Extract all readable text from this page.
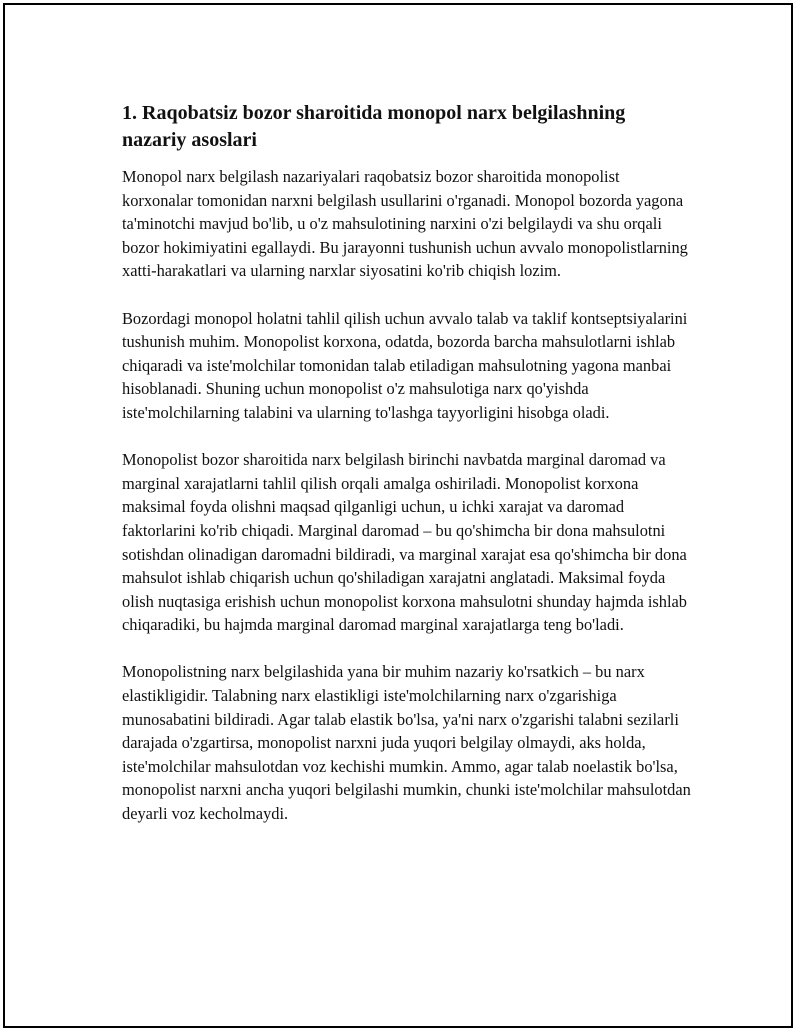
1. Raqobatsiz bozor sharoitida monopol narx belgilashning nazariy asoslari

Monopol narx belgilash nazariyalari raqobatsiz bozor sharoitida monopolist korxonalar tomonidan narxni belgilash usullarini o'rganadi. Monopol bozorda yagona ta'minotchi mavjud bo'lib, u o'z mahsulotining narxini o'zi belgilaydi va shu orqali bozor hokimiyatini egallaydi. Bu jarayonni tushunish uchun avvalo monopolistlarning xatti-harakatlari va ularning narxlar siyosatini ko'rib chiqish lozim.

Bozordagi monopol holatni tahlil qilish uchun avvalo talab va taklif kontseptsiyalarini tushunish muhim. Monopolist korxona, odatda, bozorda barcha mahsulotlarni ishlab chiqaradi va iste'molchilar tomonidan talab etiladigan mahsulotning yagona manbai hisoblanadi. Shuning uchun monopolist o'z mahsulotiga narx qo'yishda iste'molchilarning talabini va ularning to'lashga tayyorligini hisobga oladi.

Monopolist bozor sharoitida narx belgilash birinchi navbatda marginal daromad va marginal xarajatlarni tahlil qilish orqali amalga oshiriladi. Monopolist korxona maksimal foyda olishni maqsad qilganligi uchun, u ichki xarajat va daromad faktorlarini ko'rib chiqadi. Marginal daromad – bu qo'shimcha bir dona mahsulotni sotishdan olinadigan daromadni bildiradi, va marginal xarajat esa qo'shimcha bir dona mahsulot ishlab chiqarish uchun qo'shiladigan xarajatni anglatadi. Maksimal foyda olish nuqtasiga erishish uchun monopolist korxona mahsulotni shunday hajmda ishlab chiqaradiki, bu hajmda marginal daromad marginal xarajatlarga teng bo'ladi.

Monopolistning narx belgilashida yana bir muhim nazariy ko'rsatkich – bu narx elastikligidir. Talabning narx elastikligi iste'molchilarning narx o'zgarishiga munosabatini bildiradi. Agar talab elastik bo'lsa, ya'ni narx o'zgarishi talabni sezilarli darajada o'zgartirsa, monopolist narxni juda yuqori belgilay olmaydi, aks holda, iste'molchilar mahsulotdan voz kechishi mumkin. Ammo, agar talab noelastik bo'lsa, monopolist narxni ancha yuqori belgilashi mumkin, chunki iste'molchilar mahsulotdan deyarli voz kecholmaydi.
